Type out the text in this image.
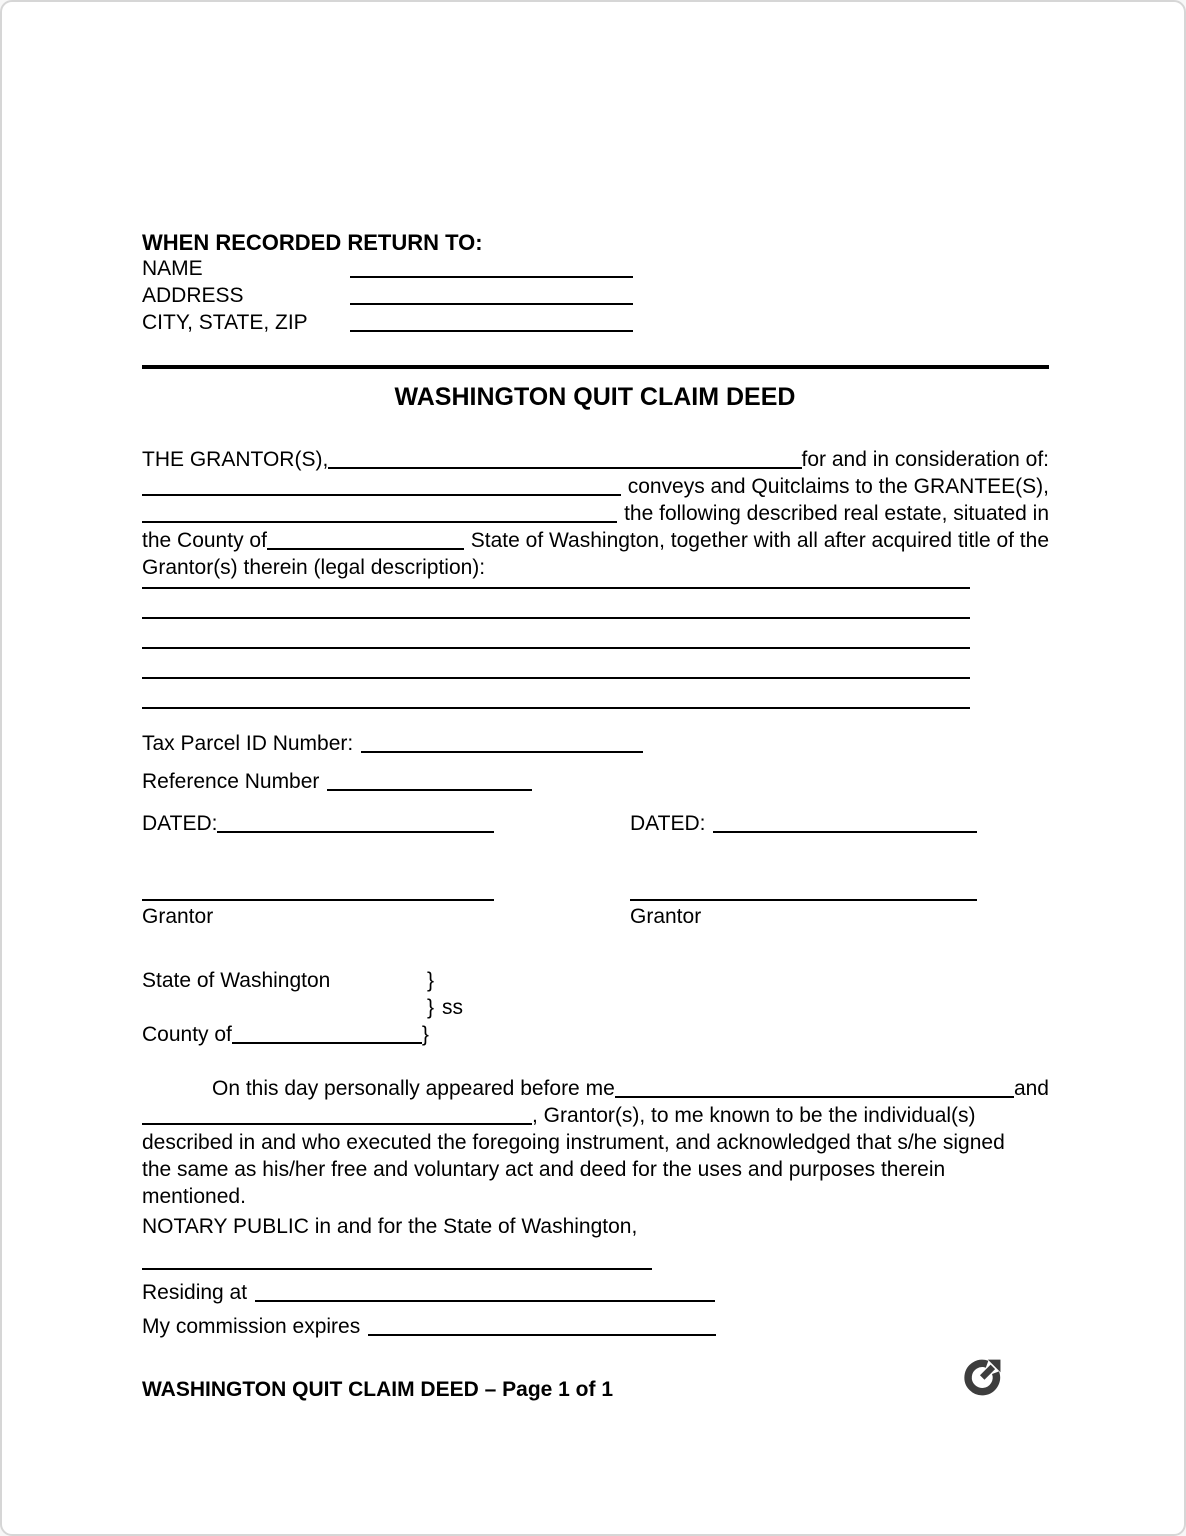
WHEN RECORDED RETURN TO:
NAME
ADDRESS
CITY, STATE, ZIP
WASHINGTON QUIT CLAIM DEED
THE GRANTOR(S),	for and in consideration of:
conveys and Quitclaims to the GRANTEE(S),
the following described real estate, situated in
the County of	State of Washington, together with all after acquired title of the
Grantor(s) therein (legal description):
Tax Parcel ID Number:
Reference Number
DATED:	DATED:
Grantor	Grantor
State of Washington	}
} ss
County of	}
On this day personally appeared before me	and
, Grantor(s), to me known to be the individual(s)
described in and who executed the foregoing instrument, and acknowledged that s/he signed
the same as his/her free and voluntary act and deed for the uses and purposes therein
mentioned.
NOTARY PUBLIC in and for the State of Washington,
Residing at
My commission expires
WASHINGTON QUIT CLAIM DEED – Page 1 of 1
